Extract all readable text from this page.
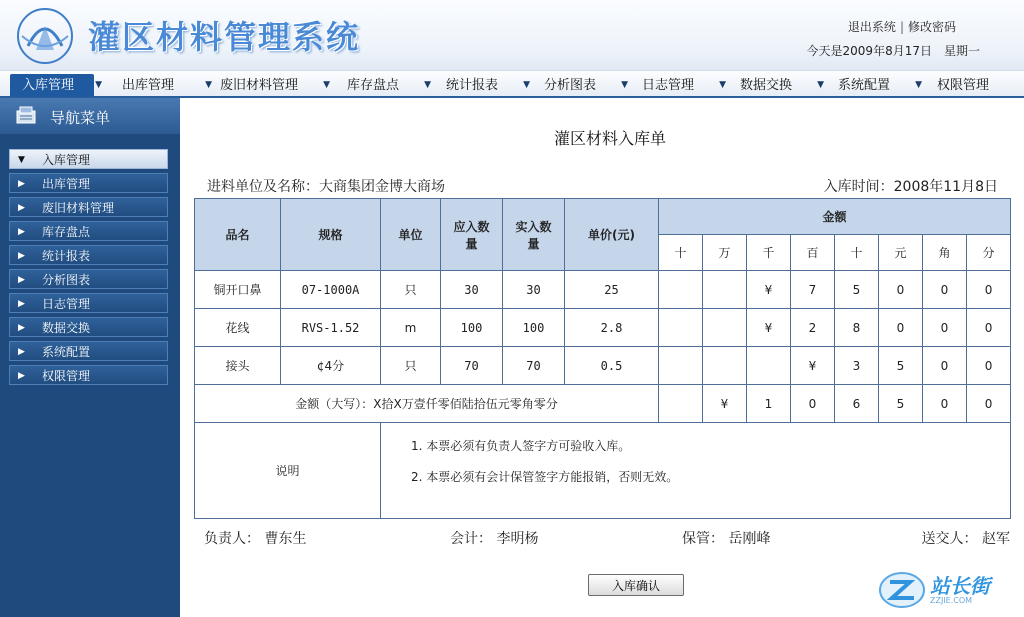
灌区材料管理系统	退出系统 | 修改密码
今天是2009年8月17日 星期一
入库管理	▼	出库管理	▼ 废旧材料管理	▼	库存盘点	▼	统计报表	▼	分析图表	▼	日志管理	▼	数据交换	▼	系统配置	▼	权限管理
导航菜单
▼ 入库管理
▶ 出库管理
▶ 废旧材料管理
▶ 库存盘点
▶ 统计报表
▶ 分析图表
▶ 日志管理
▶ 数据交换
▶ 系统配置
▶ 权限管理
灌区材料入库单
进料单位及名称：大商集团金博大商场	入库时间：2008年11月8日
品名	规格	单位	应入数量	实入数量	单价(元)	金额							
						十	万	千	百	十	元	角	分
铜开口鼻	07-1000A	只	30	30	25			¥	7	5	0	0	0
花线	RVS-1.52	m	100	100	2.8			¥	2	8	0	0	0
接头	¢4分	只	70	70	0.5				¥	3	5	0	0
金额（大写）：X拾X万壹仟零佰陆拾伍元零角零分							¥	1	0	6	5	0	0
说明		1. 本票必须有负责人签字方可验收入库。

2. 本票必须有会计保管签字方能报销，否则无效。											

负责人： 曹东生	会计： 李明杨	保管： 岳刚峰	送交人： 赵军
入库确认	站长街
ZZJIE.COM
